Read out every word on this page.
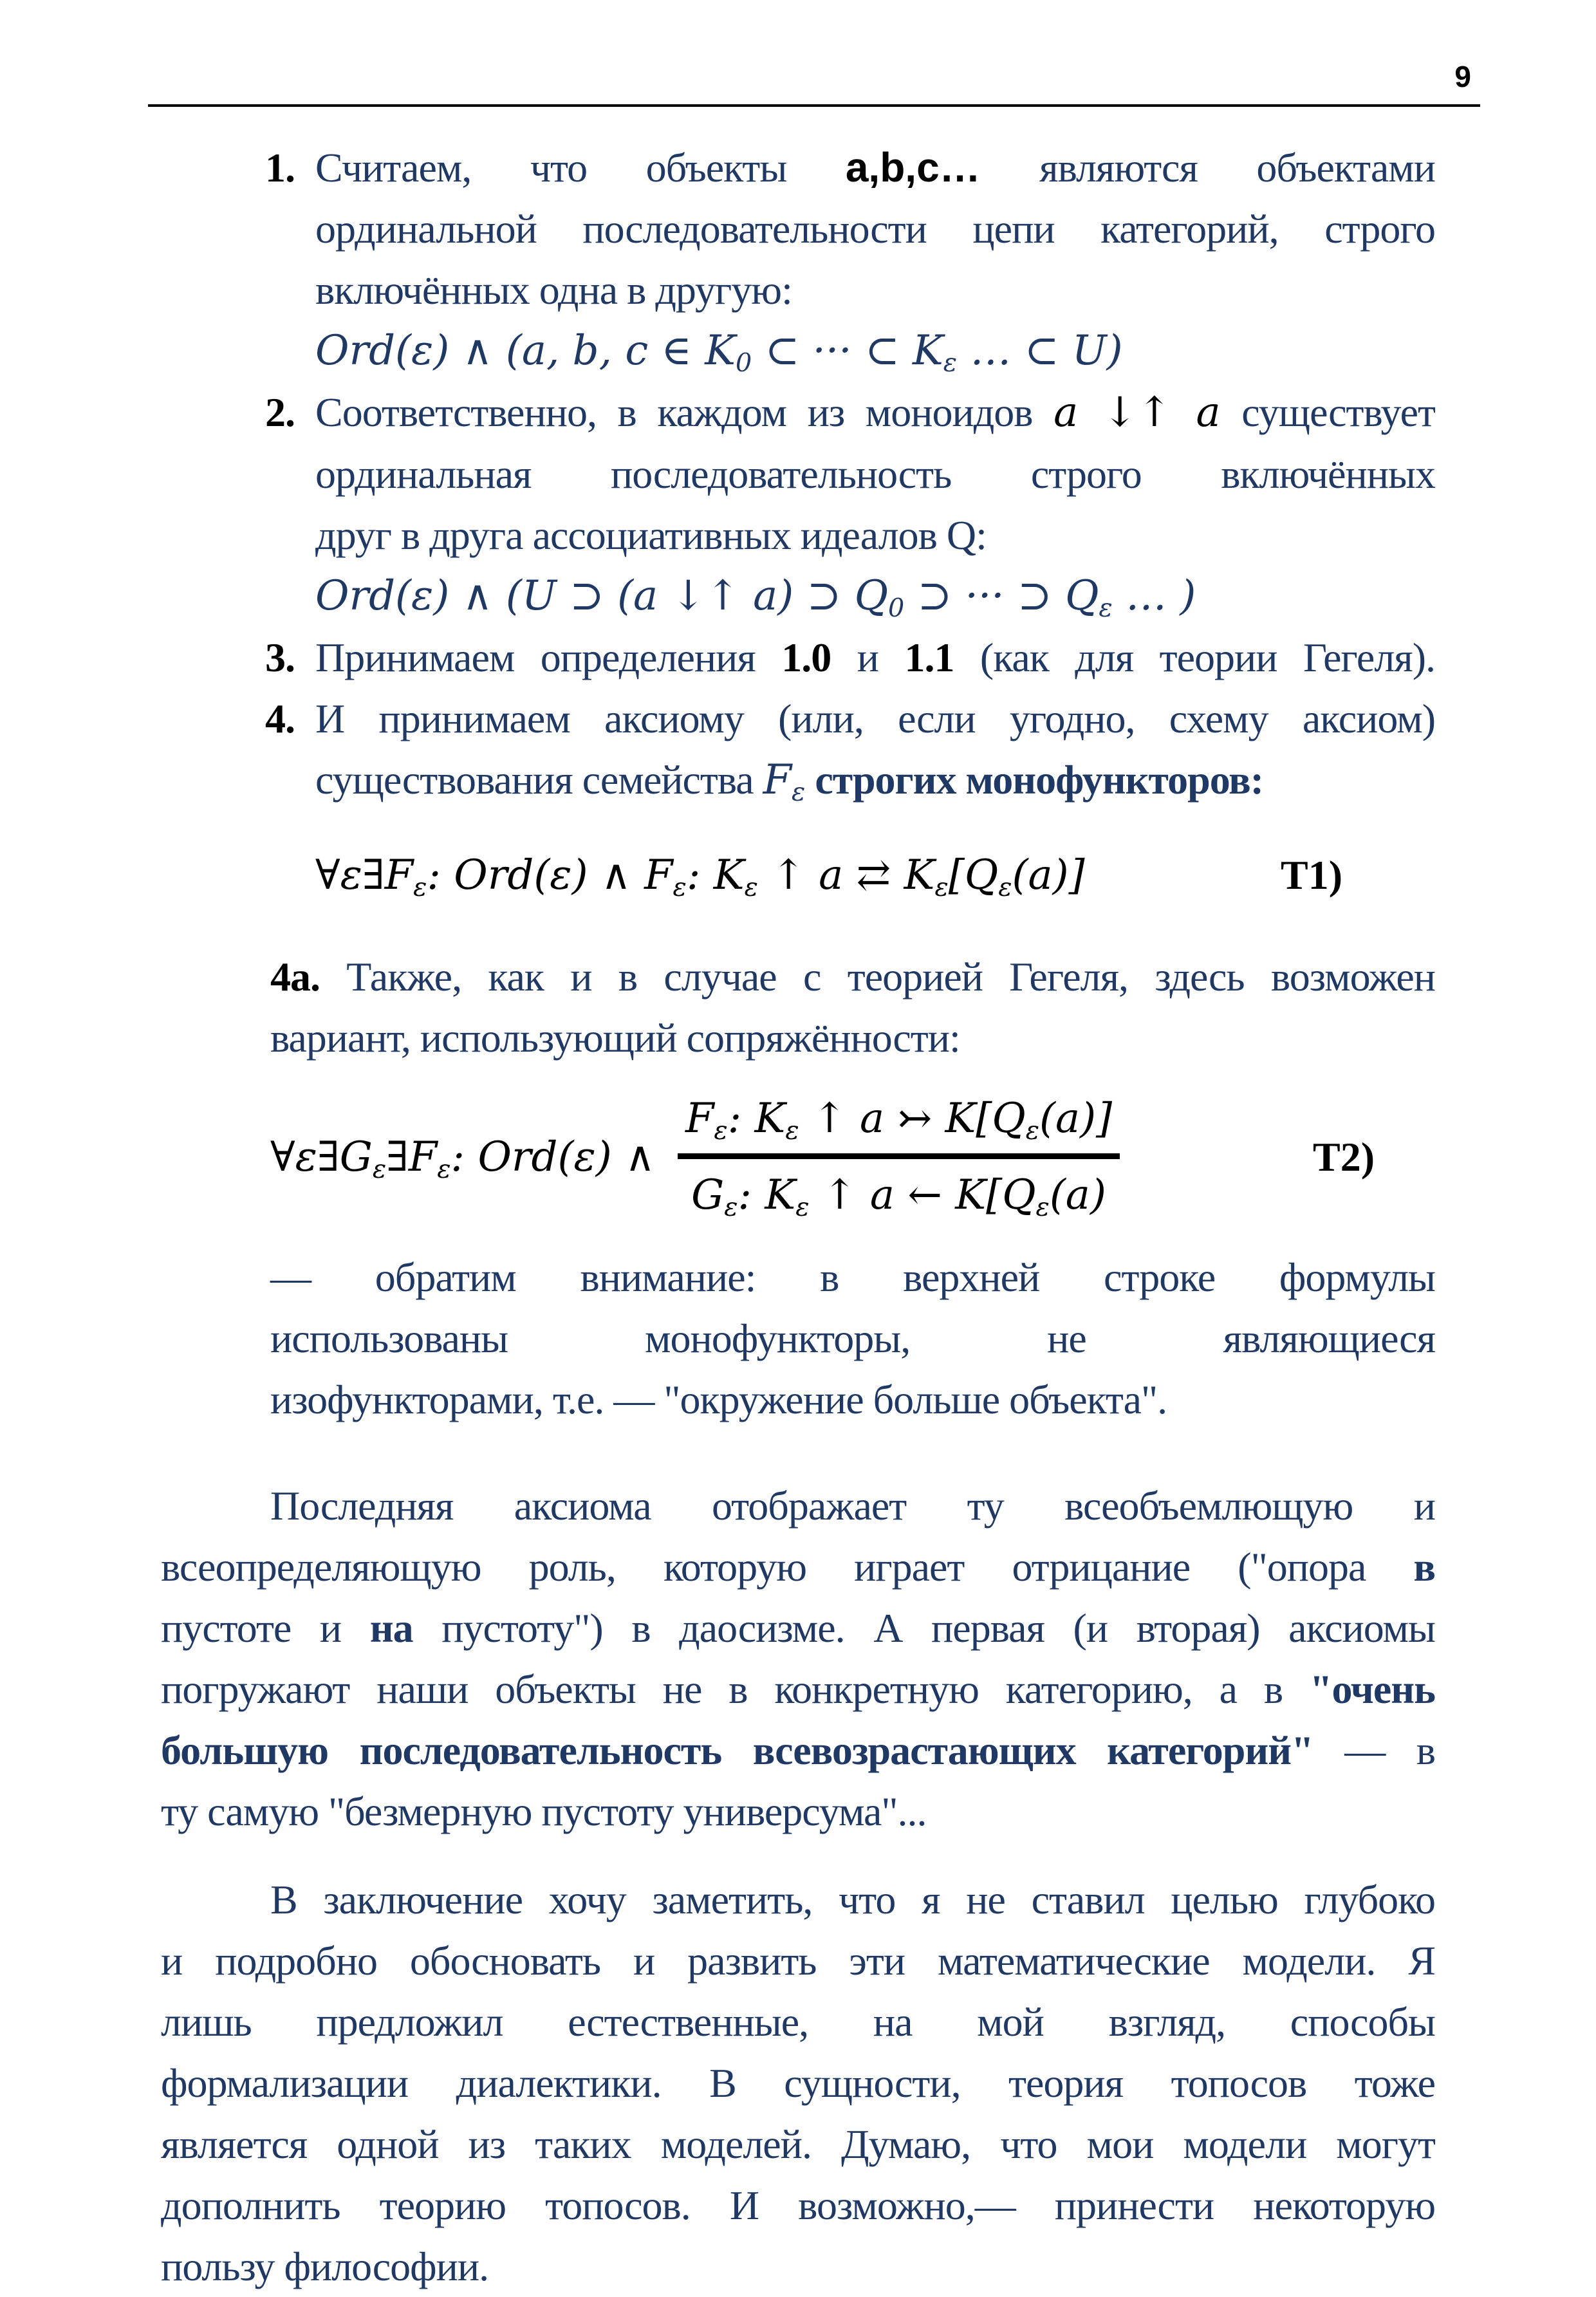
9
1. Считаем, что объекты a,b,c… являются объектами
ординальной последовательности цепи категорий, строго
включённых одна в другую:
Ord(ε) ∧ (a, b, c ∈ $K_0$ ⊂ ··· ⊂ $K_\varepsilon$ … ⊂ U)
2. Соответственно, в каждом из моноидов a ↓↑ a существует
ординальная последовательность строго включённых
друг в друга ассоциативных идеалов Q:
Ord(ε) ∧ (U ⊃ (a ↓↑ a) ⊃ $Q_0$ ⊃ ··· ⊃ $Q_\varepsilon$ … )
3. Принимаем определения 1.0 и 1.1 (как для теории Гегеля).
4. И принимаем аксиому (или, если угодно, схему аксиом)
существования семейства $F_\varepsilon$ строгих монофункторов:
$\forall\varepsilon\exists F_\varepsilon$: Ord(ε) ∧ $F_\varepsilon$: $K_\varepsilon$ ↑ a ⇄ $K_\varepsilon[Q_\varepsilon(a)]$	Т1)
4a. Также, как и в случае с теорией Гегеля, здесь возможен
вариант, использующий сопряжённости:
$\forall\varepsilon\exists G_\varepsilon\exists F_\varepsilon$: Ord(ε) ∧
$F_\varepsilon$: $K_\varepsilon$ ↑ a ↣ $K[Q_\varepsilon(a)]$
$G_\varepsilon$: $K_\varepsilon$ ↑ a ← $K[Q_\varepsilon(a)$
Т2)
— обратим внимание: в верхней строке формулы
использованы монофункторы, не являющиеся
изофункторами, т.е. — "окружение больше объекта".
Последняя аксиома отображает ту всеобъемлющую и
всеопределяющую роль, которую играет отрицание ("опора в
пустоте и на пустоту") в даосизме. А первая (и вторая) аксиомы
погружают наши объекты не в конкретную категорию, а в "очень
большую последовательность всевозрастающих категорий" — в
ту самую "безмерную пустоту универсума"...
В заключение хочу заметить, что я не ставил целью глубоко
и подробно обосновать и развить эти математические модели. Я
лишь предложил естественные, на мой взгляд, способы
формализации диалектики. В сущности, теория топосов тоже
является одной из таких моделей. Думаю, что мои модели могут
дополнить теорию топосов. И возможно,— принести некоторую
пользу философии.
